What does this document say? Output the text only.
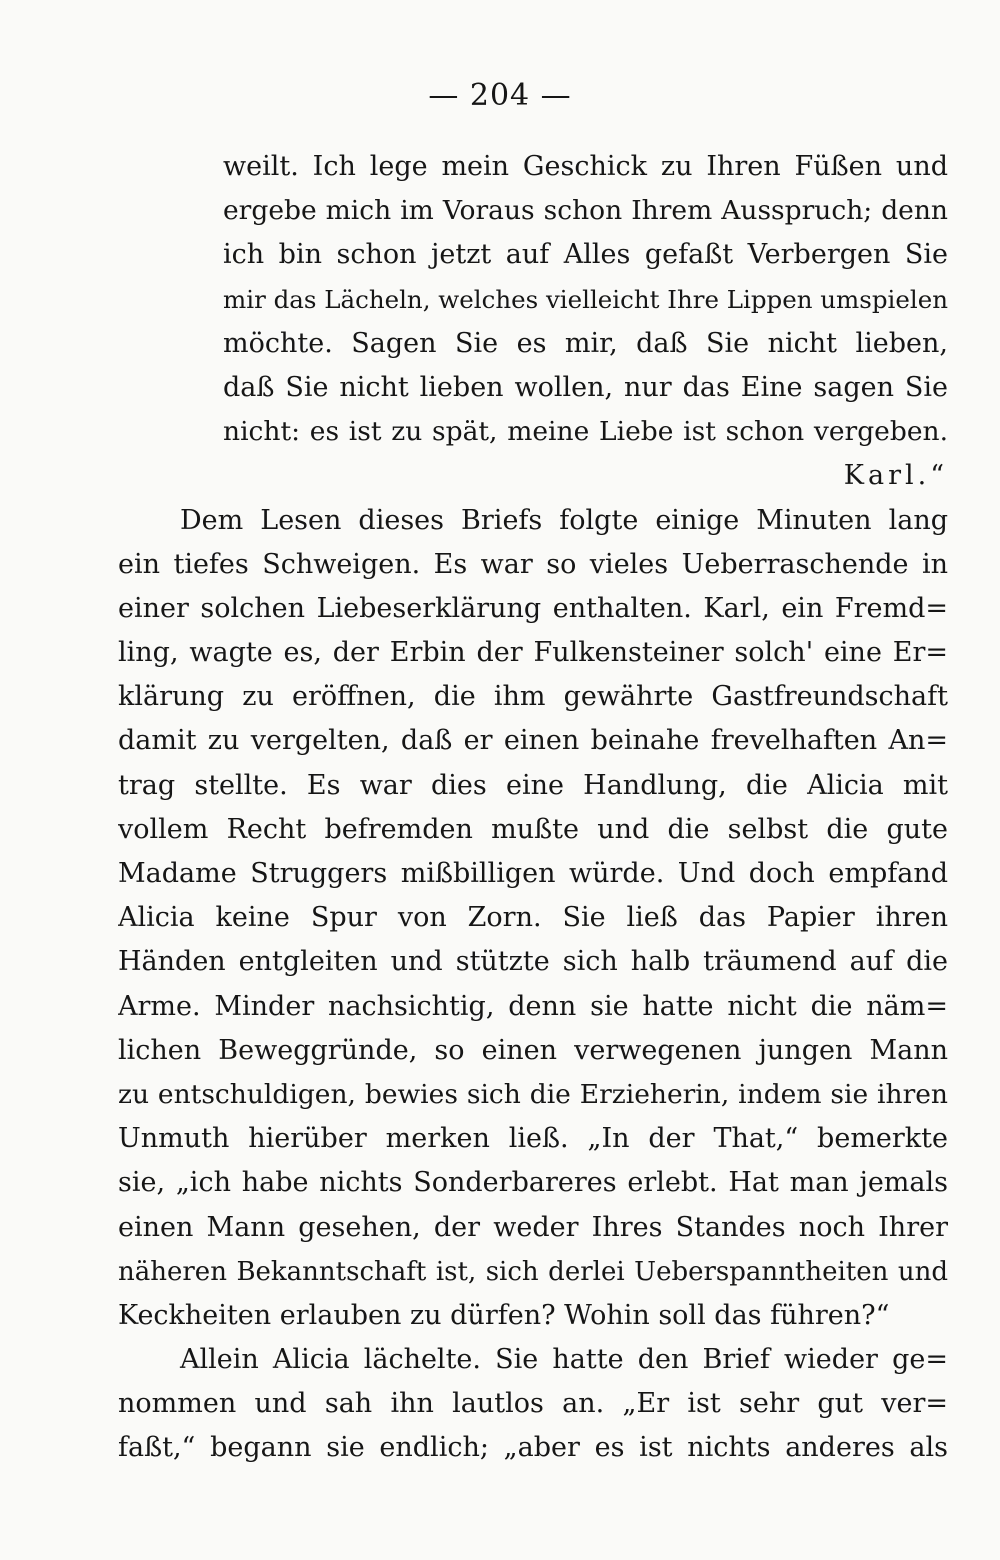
— 204 —
weilt. Ich lege mein Geschick zu Ihren Füßen und
ergebe mich im Voraus schon Ihrem Ausspruch; denn
ich bin schon jetzt auf Alles gefaßt Verbergen Sie
mir das Lächeln, welches vielleicht Ihre Lippen umspielen
möchte. Sagen Sie es mir, daß Sie nicht lieben,
daß Sie nicht lieben wollen, nur das Eine sagen Sie
nicht: es ist zu spät, meine Liebe ist schon vergeben.
Karl.“
Dem Lesen dieses Briefs folgte einige Minuten lang
ein tiefes Schweigen. Es war so vieles Ueberraschende in
einer solchen Liebeserklärung enthalten. Karl, ein Fremd=
ling, wagte es, der Erbin der Fulkensteiner solch' eine Er=
klärung zu eröffnen, die ihm gewährte Gastfreundschaft
damit zu vergelten, daß er einen beinahe frevelhaften An=
trag stellte. Es war dies eine Handlung, die Alicia mit
vollem Recht befremden mußte und die selbst die gute
Madame Struggers mißbilligen würde. Und doch empfand
Alicia keine Spur von Zorn. Sie ließ das Papier ihren
Händen entgleiten und stützte sich halb träumend auf die
Arme. Minder nachsichtig, denn sie hatte nicht die näm=
lichen Beweggründe, so einen verwegenen jungen Mann
zu entschuldigen, bewies sich die Erzieherin, indem sie ihren
Unmuth hierüber merken ließ. „In der That,“ bemerkte
sie, „ich habe nichts Sonderbareres erlebt. Hat man jemals
einen Mann gesehen, der weder Ihres Standes noch Ihrer
näheren Bekanntschaft ist, sich derlei Ueberspanntheiten und
Keckheiten erlauben zu dürfen? Wohin soll das führen?“
Allein Alicia lächelte. Sie hatte den Brief wieder ge=
nommen und sah ihn lautlos an. „Er ist sehr gut ver=
faßt,“ begann sie endlich; „aber es ist nichts anderes als
